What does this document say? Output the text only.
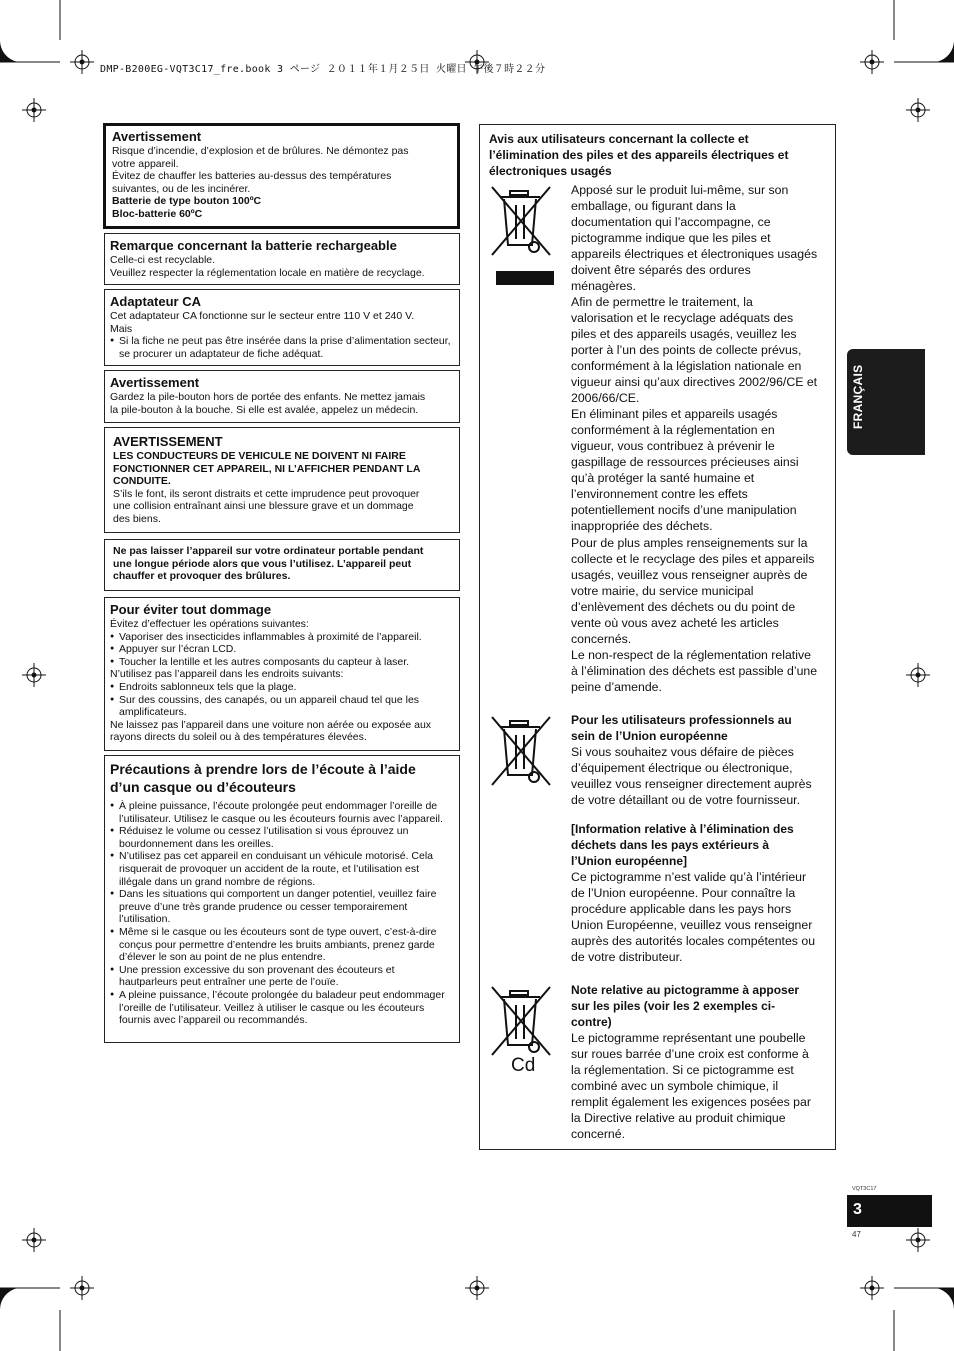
DMP-B200EG-VQT3C17_fre.book 3 ページ ２０１１年１月２５日 火曜日 午後７時２２分
Avertissement

Risque d’incendie, d’explosion et de brûlures. Ne démontez pas

votre appareil.

Évitez de chauffer les batteries au-dessus des températures

suivantes, ou de les incinérer.

Batterie de type bouton 100ºC

Bloc-batterie 60ºC

Remarque concernant la batterie rechargeable

Celle-ci est recyclable.

Veuillez respecter la réglementation locale en matière de recyclage.

Adaptateur CA

Cet adaptateur CA fonctionne sur le secteur entre 110 V et 240 V.

Mais

● Si la fiche ne peut pas être insérée dans la prise d’alimentation secteur, se procurer un adaptateur de fiche adéquat.
Avertissement

Gardez la pile-bouton hors de portée des enfants. Ne mettez jamais

la pile-bouton à la bouche. Si elle est avalée, appelez un médecin.

AVERTISSEMENT

LES CONDUCTEURS DE VEHICULE NE DOIVENT NI FAIRE

FONCTIONNER CET APPAREIL, NI L’AFFICHER PENDANT LA

CONDUITE.

S’ils le font, ils seront distraits et cette imprudence peut provoquer

une collision entraînant ainsi une blessure grave et un dommage

des biens.

Ne pas laisser l’appareil sur votre ordinateur portable pendant

une longue période alors que vous l’utilisez. L’appareil peut

chauffer et provoquer des brûlures.

Pour éviter tout dommage

Évitez d’effectuer les opérations suivantes:

● Vaporiser des insecticides inflammables à proximité de l’appareil.
● Appuyer sur l’écran LCD.
● Toucher la lentille et les autres composants du capteur à laser.

N’utilisez pas l’appareil dans les endroits suivants:

● Endroits sablonneux tels que la plage.
● Sur des coussins, des canapés, ou un appareil chaud tel que les amplificateurs.

Ne laissez pas l’appareil dans une voiture non aérée ou exposée aux

rayons directs du soleil ou à des températures élevées.

Précautions à prendre lors de l’écoute à l’aide
d’un casque ou d’écouteurs
● À pleine puissance, l’écoute prolongée peut endommager l’oreille de l’utilisateur. Utilisez le casque ou les écouteurs fournis avec l’appareil.
● Réduisez le volume ou cessez l’utilisation si vous éprouvez un bourdonnement dans les oreilles.
● N’utilisez pas cet appareil en conduisant un véhicule motorisé. Cela risquerait de provoquer un accident de la route, et l’utilisation est illégale dans un grand nombre de régions.
● Dans les situations qui comportent un danger potentiel, veuillez faire preuve d’une très grande prudence ou cesser temporairement l’utilisation.
● Même si le casque ou les écouteurs sont de type ouvert, c’est-à-dire conçus pour permettre d’entendre les bruits ambiants, prenez garde d’élever le son au point de ne plus entendre.
● Une pression excessive du son provenant des écouteurs et hautparleurs peut entraîner une perte de l’ouïe.
● A pleine puissance, l’écoute prolongée du baladeur peut endommager l’oreille de l’utilisateur. Veillez à utiliser le casque ou les écouteurs fournis avec l’appareil ou recommandés.
Avis aux utilisateurs concernant la collecte et
l’élimination des piles et des appareils électriques et
électroniques usagés
Apposé sur le produit lui-même, sur son
emballage, ou figurant dans la
documentation qui l’accompagne, ce
pictogramme indique que les piles et
appareils électriques et électroniques usagés
doivent être séparés des ordures
ménagères.
Afin de permettre le traitement, la
valorisation et le recyclage adéquats des
piles et des appareils usagés, veuillez les
porter à l’un des points de collecte prévus,
conformément à la législation nationale en
vigueur ainsi qu’aux directives 2002/96/CE et
2006/66/CE.
En éliminant piles et appareils usagés
conformément à la réglementation en
vigueur, vous contribuez à prévenir le
gaspillage de ressources précieuses ainsi
qu’à protéger la santé humaine et
l’environnement contre les effets
potentiellement nocifs d’une manipulation
inappropriée des déchets.
Pour de plus amples renseignements sur la
collecte et le recyclage des piles et appareils
usagés, veuillez vous renseigner auprès de
votre mairie, du service municipal
d’enlèvement des déchets ou du point de
vente où vous avez acheté les articles
concernés.
Le non-respect de la réglementation relative
à l’élimination des déchets est passible d’une
peine d’amende.
Pour les utilisateurs professionnels au
sein de l’Union européenne
Si vous souhaitez vous défaire de pièces
d’équipement électrique ou électronique,
veuillez vous renseigner directement auprès
de votre détaillant ou de votre fournisseur.
[Information relative à l’élimination des
déchets dans les pays extérieurs à
l’Union européenne]
Ce pictogramme n’est valide qu’à l’intérieur
de l’Union européenne. Pour connaître la
procédure applicable dans les pays hors
Union Européenne, veuillez vous renseigner
auprès des autorités locales compétentes ou
de votre distributeur.
Cd
Note relative au pictogramme à apposer
sur les piles (voir les 2 exemples ci-
contre)
Le pictogramme représentant une poubelle
sur roues barrée d’une croix est conforme à
la réglementation. Si ce pictogramme est
combiné avec un symbole chimique, il
remplit également les exigences posées par
la Directive relative au produit chimique
concerné.
FRANÇAIS
VQT3C17
3
47
